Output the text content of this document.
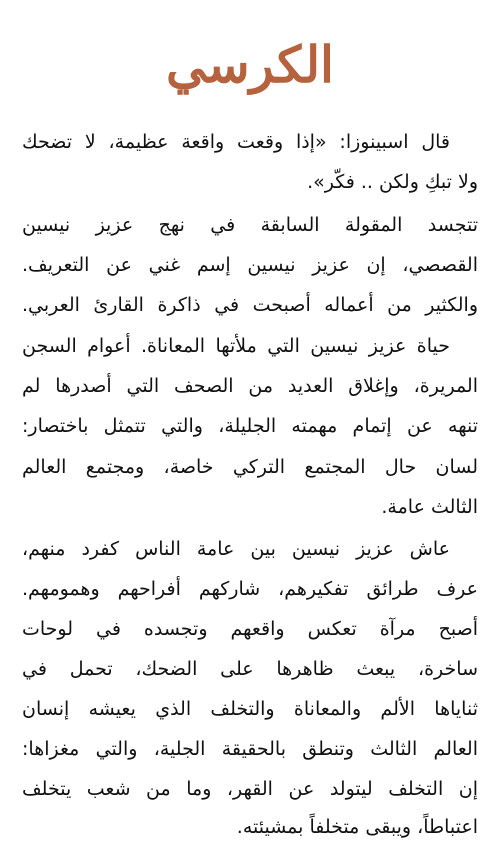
الكرسي
قال اسبينوزا: «إذا وقعت واقعة عظيمة، لا تضحك
ولا تبكِ ولكن .. فكّر».
تتجسد المقولة السابقة في نهج عزيز نيسين
القصصي، إن عزيز نيسين إسم غني عن التعريف.
والكثير من أعماله أصبحت في ذاكرة القارئ العربي.
حياة عزيز نيسين التي ملأتها المعاناة. أعوام السجن
المريرة، وإغلاق العديد من الصحف التي أصدرها لم
تنهه عن إتمام مهمته الجليلة، والتي تتمثل باختصار:
لسان حال المجتمع التركي خاصة، ومجتمع العالم
الثالث عامة.
عاش عزيز نيسين بين عامة الناس كفرد منهم،
عرف طرائق تفكيرهم، شاركهم أفراحهم وهمومهم.
أصبح مرآة تعكس واقعهم وتجسده في لوحات
ساخرة، يبعث ظاهرها على الضحك، تحمل في
ثناياها الألم والمعاناة والتخلف الذي يعيشه إنسان
العالم الثالث وتنطق بالحقيقة الجلية، والتي مغزاها:
إن التخلف ليتولد عن القهر، وما من شعب يتخلف
اعتباطاً، ويبقى متخلفاً بمشيئته.
